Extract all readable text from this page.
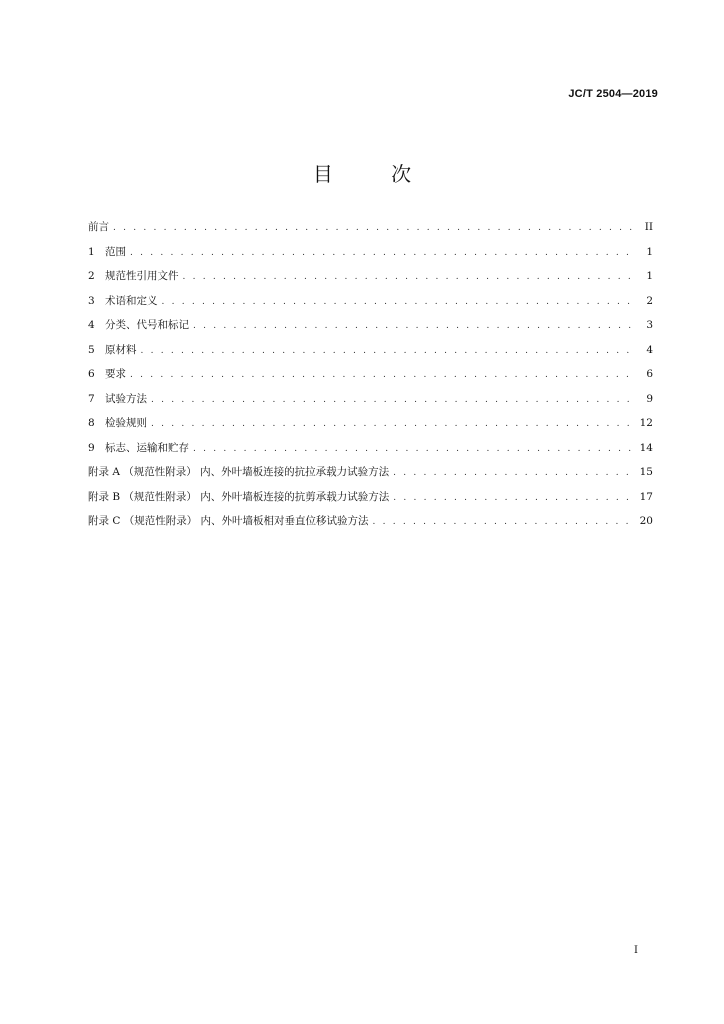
JC/T 2504—2019
目 次
前言 . . .	II
1 范围 . . .	1
2 规范性引用文件 . . .	1
3 术语和定义 . . .	2
4 分类、代号和标记 . . .	3
5 原材料 . . .	4
6 要求 . . .	6
7 试验方法 . . .	9
8 检验规则 . . .	12
9 标志、运输和贮存 . . .	14
附录 A （规范性附录） 内、外叶墙板连接的抗拉承载力试验方法 . . .	15
附录 B （规范性附录） 内、外叶墙板连接的抗剪承载力试验方法 . . .	17
附录 C （规范性附录） 内、外叶墙板相对垂直位移试验方法 . . .	20
I
